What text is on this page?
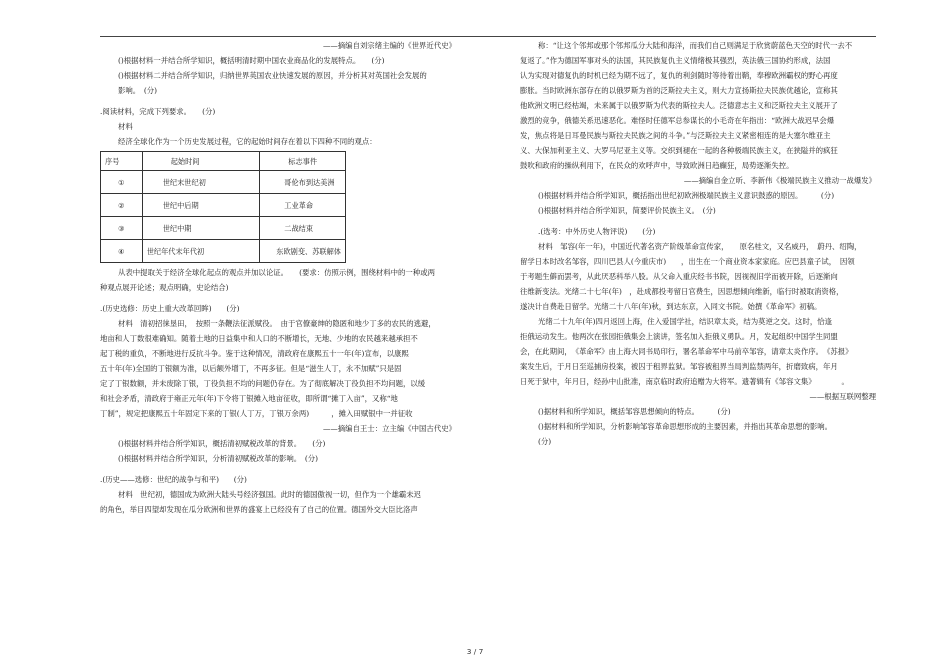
——摘编自刘宗绪主编的《世界近代史》

()根据材料一并结合所学知识，概括明清时期中国农业商品化的发展特点。　　(分)

()根据材料二并结合所学知识，归纳世界英国农业快速发展的原因，并分析其对英国社会发展的

影响。　(分)

.阅读材料，完成下列要求。　　(分)

材料

经济全球化作为一个历史发展过程，它的起始时间存在着以下四种不同的观点：

序号	起始时间	标志事件
①	世纪末世纪初	哥伦布到达美洲
②	世纪中后期	工业革命
③	世纪中期	二战结束
④	世纪年代末年代初	东欧剧变、苏联解体

从表中提取关于经济全球化起点的观点并加以论证。　　(要求：仿照示例，围绕材料中的一种或两

种观点展开论述；观点明确，史论结合)

.(历史选修：历史上重大改革回眸)　　(分)

材料　清初招徕垦田，　按照一条鞭法征派赋役。　由于官僚豪绅的隐匿和地少丁多的农民的逃避，

地亩和人丁数很难确知。随着土地的日益集中和人口的不断增长，无地、少地的农民越来越承担不

起丁税的重负，不断地进行反抗斗争。鉴于这种情况，清政府在康熙五十一年(年)宣布，以康熙

五十年(年)全国的丁银额为准，以后额外增丁，不再多征。但是“滋生人丁，永不加赋”只是固

定了丁银数额，并未废除丁银，丁役负担不均的问题仍存在。为了彻底解决丁役负担不均问题，以缓

和社会矛盾，清政府于雍正元年(年)下令将丁银摊入地亩征收，即所谓“摊丁入亩”，又称“地

丁制”，规定把康熙五十年固定下来的丁银(人丁万，丁银万余两)　　　，摊入田赋银中一并征收

——摘编自王士：立主编《中国古代史》

()根据材料并结合所学知识，概括清初赋税改革的背景。　　(分)

()根据材料并结合所学知识，分析清初赋税改革的影响。　(分)

.(历史——选修：世纪的战争与和平)　　(分)

材料　世纪初，德国成为欧洲大陆头号经济强国。此时的德国傲视一切，但作为一个雄霸未迟

的角色，举目四望却发现在瓜分欧洲和世界的盛宴上已经没有了自己的位置。德国外交大臣比洛声

称：“让这个邻邦或那个邻邦瓜分大陆和海洋，而我们自己则满足于欣赏蔚蓝色天空的时代一去不

复返了。”作为德国军事对头的法国，其民族复仇主义情绪极其强烈，英法俄三国协约形成，法国

认为实现对德复仇的时机已经为期不远了，复仇的利剑随时等待着出鞘，奉穆欧洲霸权的野心再度

膨胀。当时欧洲东部存在的以俄罗斯为首的泛斯拉夫主义，则大力宣扬斯拉夫民族优越论，宣称其

他欧洲文明已经枯竭，未来属于以俄罗斯为代表的斯拉夫人。泛德意志主义和泛斯拉夫主义展开了

激烈的竞争，俄德关系迅速恶化。难怪时任德军总参谋长的小毛奇在年指出：“欧洲大战迟早会爆

发，焦点将是日耳曼民族与斯拉夫民族之间的斗争。”与泛斯拉夫主义紧密相连的是大塞尔维亚主

义、大保加利亚主义、大罗马尼亚主义等。交织到褪在一起的各种极端民族主义，在狭隘并的疯狂

鼓吹和政府的操纵利用下，在民众的欢呼声中，导致欧洲日趋癫狂，局势逐渐失控。

——摘编自金立昕、李新伟《极端民族主义推动一战爆发》

()根据材料并结合所学知识，概括指出世纪初欧洲极端民族主义意识鼓惑的原因。　　　(分)

()根据材料并结合所学知识，简要评价民族主义。　(分)

.(选考：中外历史人物评说)　　(分)

材料　邹容(年一年)，中国近代著名资产阶级革命宣传家，　　原名桂文，又名威丹，　蔚丹、绍陶，

留学日本时改名邹容，四川巴县人(今重庆市)　　，出生在一个商业资本家家庭。应巴县童子试，　因领

于考题生僻而罢考，从此厌恶科举八股。从父命入重庆经书书院，因视视旧学而被开除，后逐渐向

往维新变法。光绪二十七年(年)　，赴成都投考留日官费生，因思想倾向维新，临行时被取消资格，

遂决计自费赴日留学。光绪二十八年(年)秋，到达东京，入同文书院。始撰《革命军》初稿。

光绪二十九年(年)四月返回上海，住入爱国学社，结识章太炎，结为莫逆之交。这时，恰逢

拒俄运动发生。他两次在张园拒俄集会上演讲，签名加入拒俄义勇队。月，发起组织中国学生同盟

会，在此期间，　《革命军》由上海大同书局印行，署名革命军中马前卒邹容，请章太炎作序。　《苏报》

案发生后，于月日至巡捕房投案，被囚于租界监狱。邹容被租界当局判监禁两年，折磨致病，年月

日死于狱中，年月日，经孙中山批准，南京临时政府追赠为大将军。遗著辑有《邹容文集》　　　　。

——根据互联网整理

()据材料和所学知识，概括邹容思想倾向的特点。　　　(分)

()据材料和所学知识，分析影响邹容革命思想形成的主要因素，并指出其革命思想的影响。

(分)

3 / 7
